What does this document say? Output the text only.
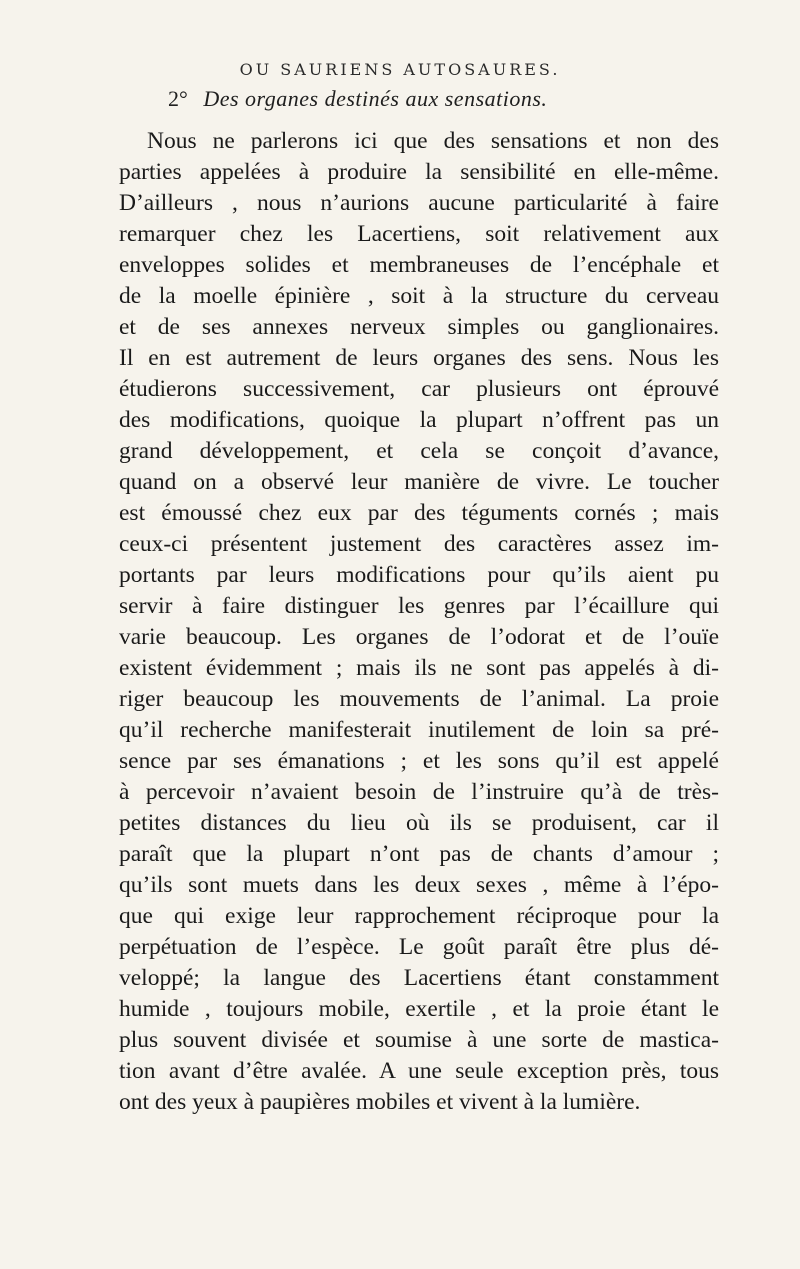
OU SAURIENS AUTOSAURES.
2° Des organes destinés aux sensations.
Nous ne parlerons ici que des sensations et non des
parties appelées à produire la sensibilité en elle-même.
D’ailleurs , nous n’aurions aucune particularité à faire
remarquer chez les Lacertiens, soit relativement aux
enveloppes solides et membraneuses de l’encéphale et
de la moelle épinière , soit à la structure du cerveau
et de ses annexes nerveux simples ou ganglionaires.
Il en est autrement de leurs organes des sens. Nous les
étudierons successivement, car plusieurs ont éprouvé
des modifications, quoique la plupart n’offrent pas un
grand développement, et cela se conçoit d’avance,
quand on a observé leur manière de vivre. Le toucher
est émoussé chez eux par des téguments cornés ; mais
ceux-ci présentent justement des caractères assez im-
portants par leurs modifications pour qu’ils aient pu
servir à faire distinguer les genres par l’écaillure qui
varie beaucoup. Les organes de l’odorat et de l’ouïe
existent évidemment ; mais ils ne sont pas appelés à di-
riger beaucoup les mouvements de l’animal. La proie
qu’il recherche manifesterait inutilement de loin sa pré-
sence par ses émanations ; et les sons qu’il est appelé
à percevoir n’avaient besoin de l’instruire qu’à de très-
petites distances du lieu où ils se produisent, car il
paraît que la plupart n’ont pas de chants d’amour ;
qu’ils sont muets dans les deux sexes , même à l’épo-
que qui exige leur rapprochement réciproque pour la
perpétuation de l’espèce. Le goût paraît être plus dé-
veloppé; la langue des Lacertiens étant constamment
humide , toujours mobile, exertile , et la proie étant le
plus souvent divisée et soumise à une sorte de mastica-
tion avant d’être avalée. A une seule exception près, tous
ont des yeux à paupières mobiles et vivent à la lumière.
